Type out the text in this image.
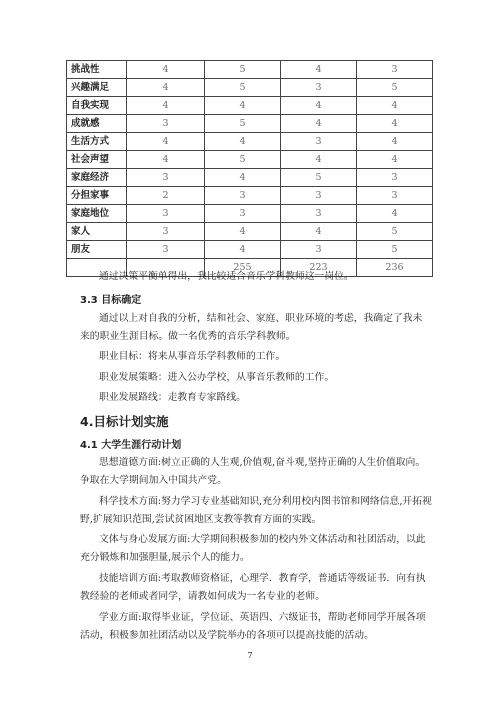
挑战性	4	5	4	3
兴趣满足	4	5	3	5
自我实现	4	4	4	4
成就感	3	5	4	4
生活方式	4	4	3	4
社会声望	4	5	4	4
家庭经济	3	4	5	3
分担家事	2	3	3	3
家庭地位	3	3	3	4
家人	3	4	4	5
朋友	3	4	3	5
		255	223	236
通过决策平衡单得出，我比较适合音乐学科教师这一岗位。
3.3 目标确定
通过以上对自我的分析，结和社会、家庭、职业环境的考虑，我确定了我未来的职业生涯目标。做一名优秀的音乐学科教师。
职业目标：将来从事音乐学科教师的工作。
职业发展策略：进入公办学校，从事音乐教师的工作。
职业发展路线：走教育专家路线。
4.目标计划实施
4.1 大学生涯行动计划
思想道德方面:树立正确的人生观,价值观,奋斗观,坚持正确的人生价值取向。争取在大学期间加入中国共产党。
科学技术方面:努力学习专业基础知识,充分利用校内图书馆和网络信息,开拓视野,扩展知识范围,尝试贫困地区支教等教育方面的实践。
文体与身心发展方面:大学期间积极参加的校内外文体活动和社团活动，以此充分锻炼和加强胆量,展示个人的能力。
技能培训方面:考取教师资格证，心理学．教育学，普通话等级证书．向有执教经验的老师或者同学，请教如何成为一名专业的老师。
学业方面:取得毕业证，学位证、英语四、六级证书，帮助老师同学开展各项活动，积极参加社团活动以及学院举办的各项可以提高技能的活动。
7
